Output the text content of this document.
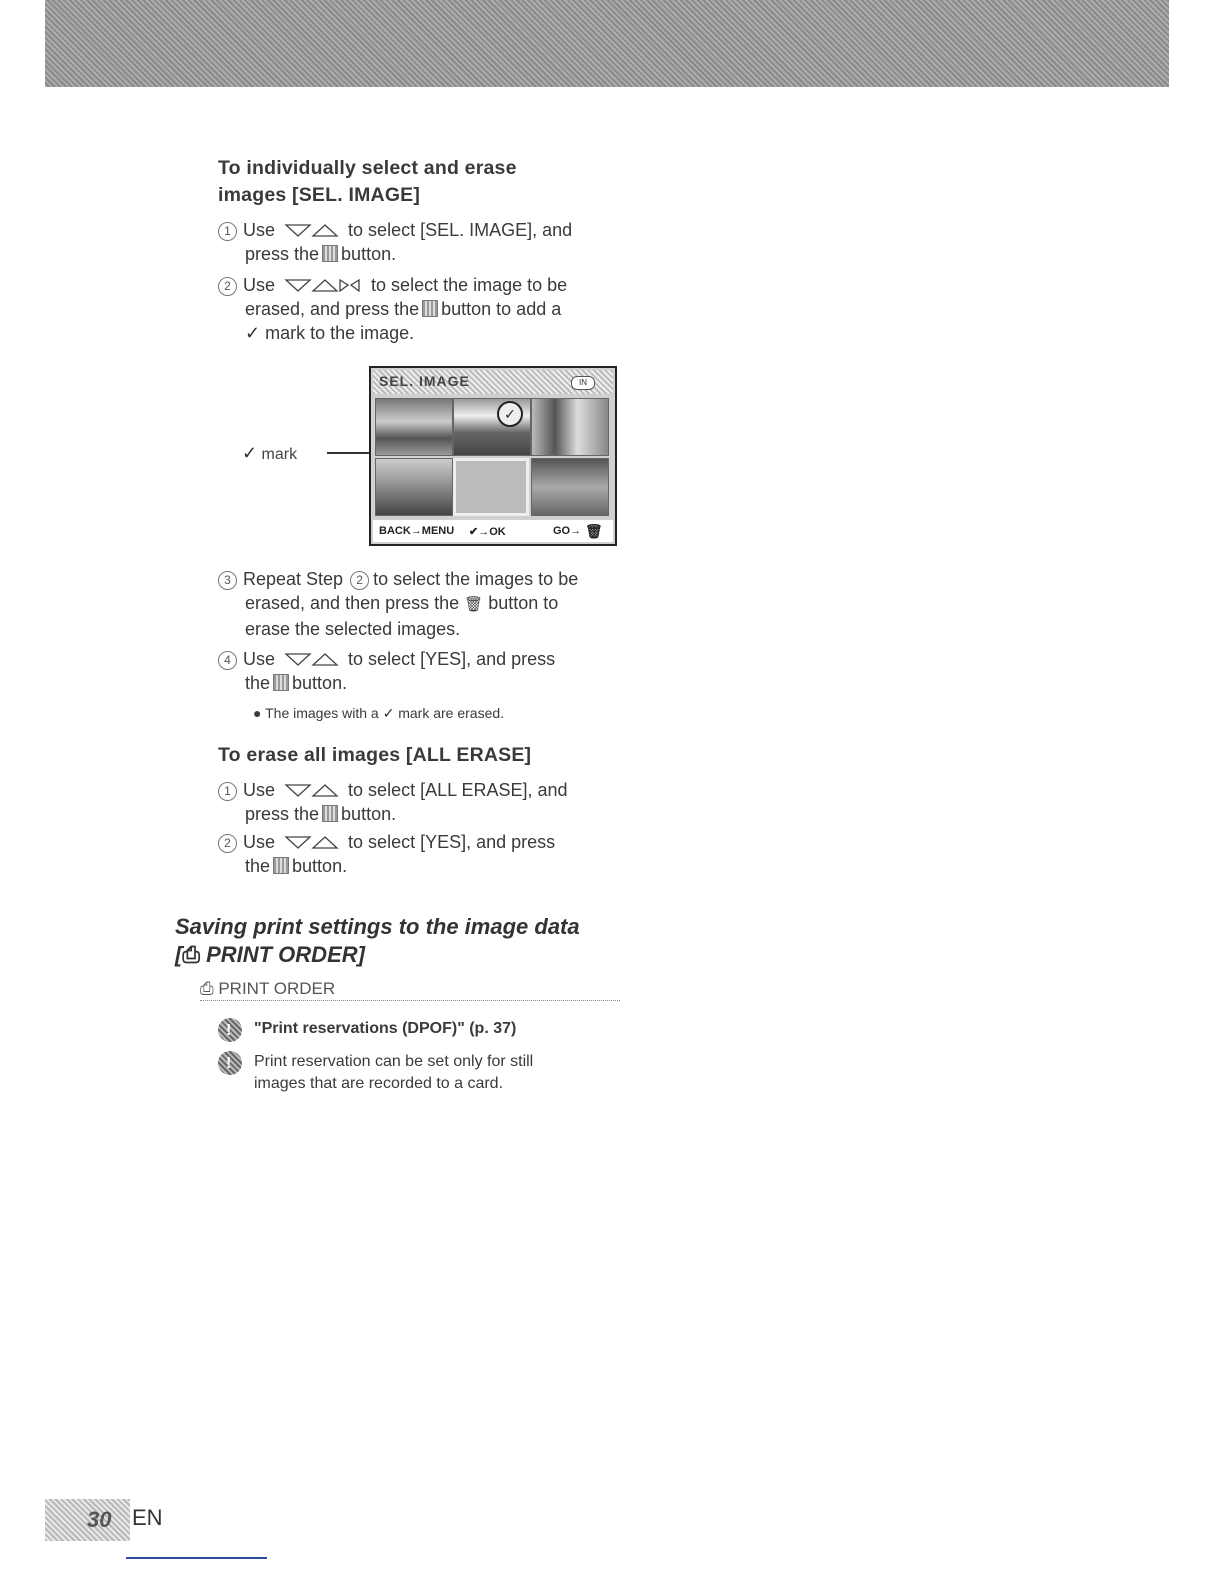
To individually select and erase
images [SEL. IMAGE]
1 Use	to select [SEL. IMAGE], and
press the button.
2 Use	to select the image to be
erased, and press the button to add a
✓ mark to the image.
✓ mark
SEL. IMAGE	IN
✓
BACK→MENU ✔→OK	GO→ 🗑
3 Repeat Step 2 to select the images to be
erased, and then press the 🗑 button to
erase the selected images.
4 Use	to select [YES], and press
the button.
● The images with a ✓ mark are erased.
To erase all images [ALL ERASE]
1 Use	to select [ALL ERASE], and
press the button.
2 Use	to select [YES], and press
the button.
Saving print settings to the image data
[⎙ PRINT ORDER]
⎙ PRINT ORDER
!	"Print reservations (DPOF)" (p. 37)
!	Print reservation can be set only for still
images that are recorded to a card.
30 EN
